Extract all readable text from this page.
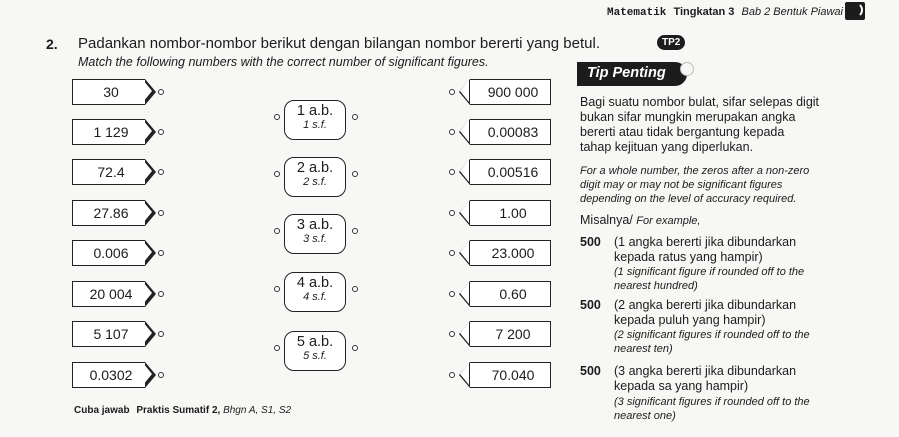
Matematik Tingkatan 3 Bab 2 Bentuk Piawai
2. Padankan nombor-nombor berikut dengan bilangan nombor bererti yang betul.	TP2
Match the following numbers with the correct number of significant figures.
30
1 129
72.4
27.86
0.006
20 004
5 107
0.0302
1 a.b.
1 s.f.
2 a.b.
2 s.f.
3 a.b.
3 s.f.
4 a.b.
4 s.f.
5 a.b.
5 s.f.
900 000
0.00083
0.00516
1.00
23.000
0.60
7 200
70.040
Tip Penting
Bagi suatu nombor bulat, sifar selepas digit
bukan sifar mungkin merupakan angka
bererti atau tidak bergantung kepada
tahap kejituan yang diperlukan.
For a whole number, the zeros after a non-zero
digit may or may not be significant figures
depending on the level of accuracy required.
Misalnya/ For example,
500 (1 angka bererti jika dibundarkan
kepada ratus yang hampir)
(1 significant figure if rounded off to the
nearest hundred)
500 (2 angka bererti jika dibundarkan
kepada puluh yang hampir)
(2 significant figures if rounded off to the
nearest ten)
500 (3 angka bererti jika dibundarkan
kepada sa yang hampir)
(3 significant figures if rounded off to the
nearest one)
Cuba jawab Praktis Sumatif 2, Bhgn A, S1, S2
